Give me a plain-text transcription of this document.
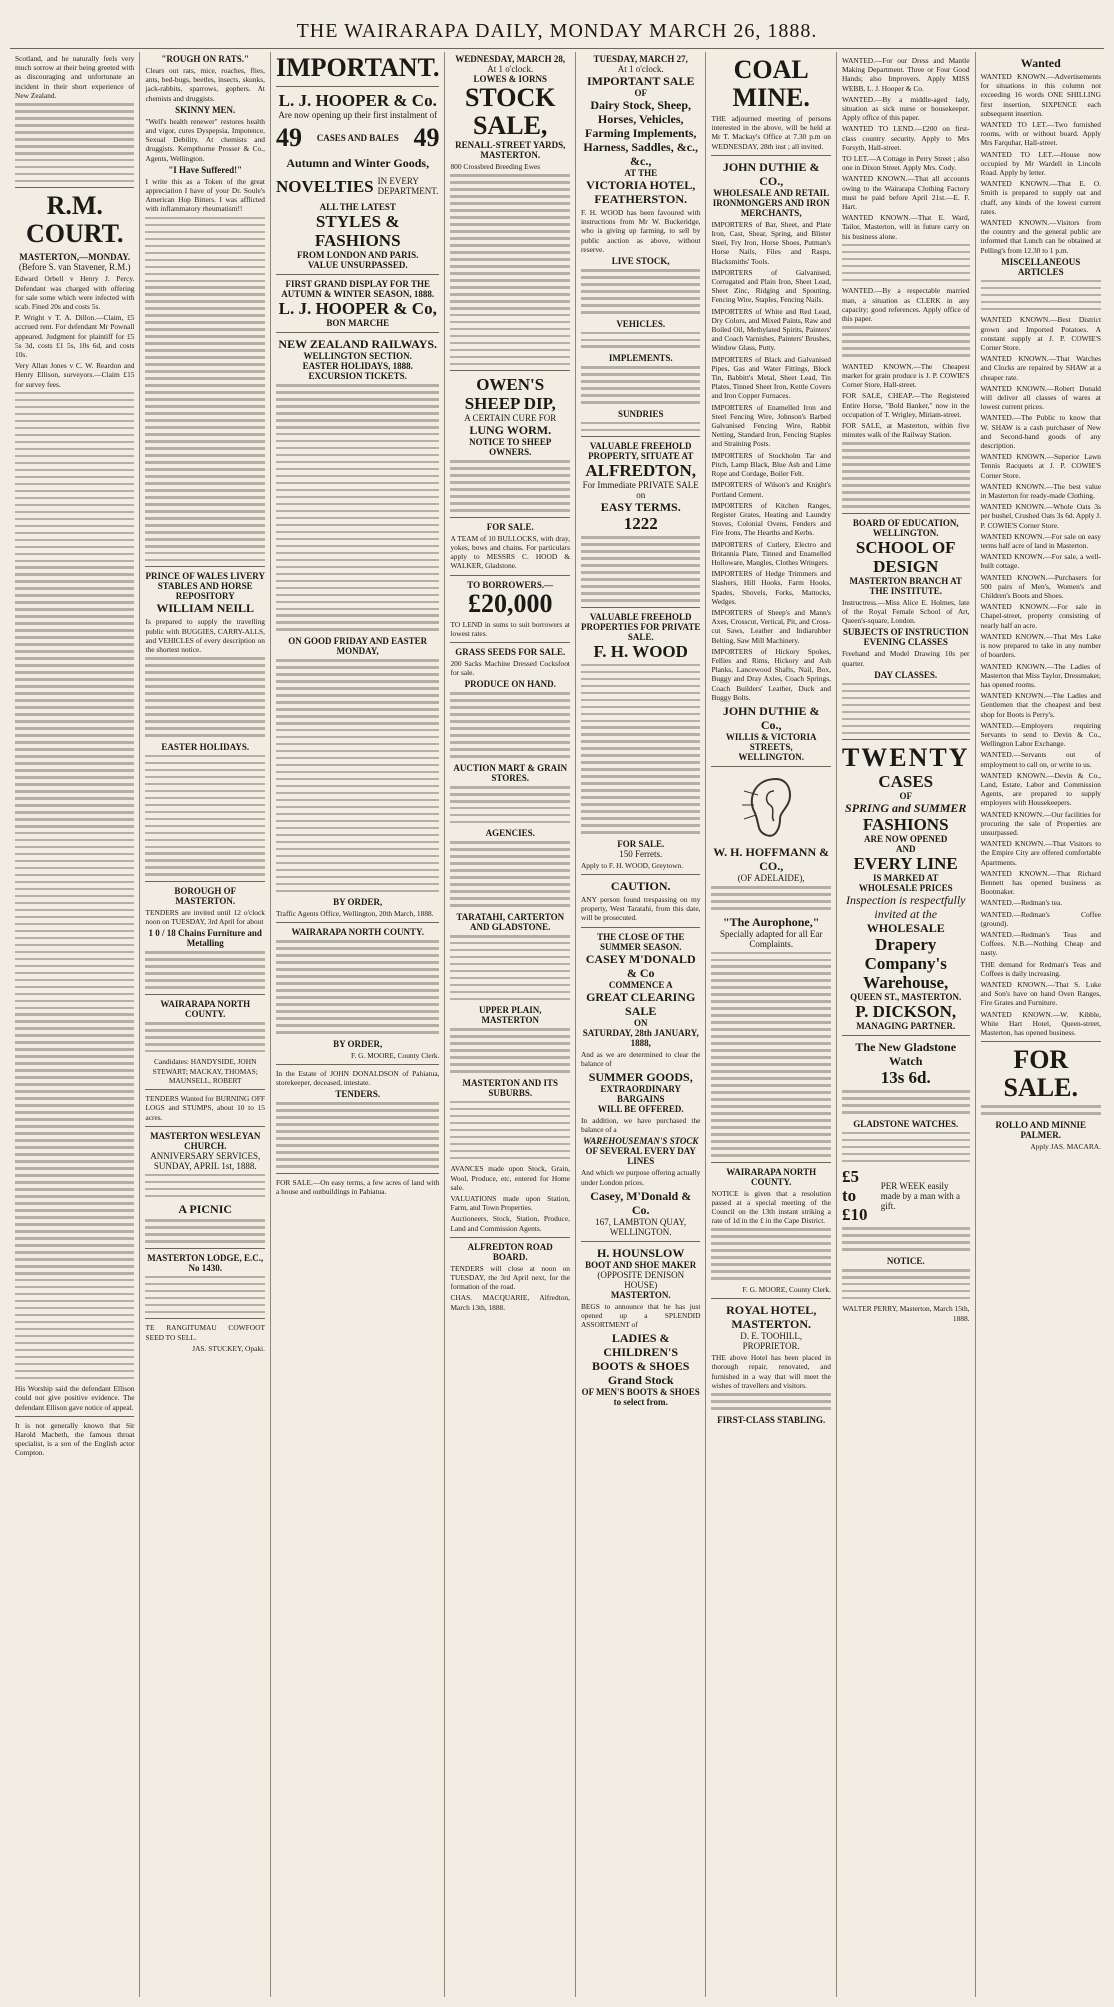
THE WAIRARAPA DAILY, MONDAY MARCH 26, 1888.

Scotland, and he naturally feels very much sorrow at their being greeted with as discouraging and unfortunate an incident in their short experience of New Zealand.

R.M. COURT.
MASTERTON,—MONDAY.
(Before S. van Stavener, R.M.)

Edward Orbell v Henry J. Percy. Defendant was charged with offering for sale some which were infected with scab. Fined 20s and costs 5s.

P. Wright v T. A. Dillon.—Claim, £5 accrued rent. For defendant Mr Pownall appeared. Judgment for plaintiff for £5 5s 3d, costs £1 5s, 10s 6d, and costs 10s.

Very Allan Jones v C. W. Reardon and Henry Ellison, surveyors.—Claim £15 for survey fees.

His Worship said the defendant Ellison could not give positive evidence. The defendant Ellison gave notice of appeal.

It is not generally known that Sir Harold Macbeth, the famous throat specialist, is a son of the English actor Compton.

"ROUGH ON RATS."

Clears out rats, mice, roaches, flies, ants, bed-bugs, beetles, insects, skunks, jack-rabbits, sparrows, gophers. At chemists and druggists.

SKINNY MEN.

"Well's health renewer" restores health and vigor, cures Dyspepsia, Impotence, Sexual Debility. At chemists and druggists. Kempthorne Prosser & Co., Agents, Wellington.

"I Have Suffered!"

I write this as a Token of the great appreciation I have of your Dr. Soule's American Hop Bitters. I was afflicted with inflammatory rheumatism!!

PRINCE OF WALES LIVERY STABLES AND HORSE REPOSITORY
WILLIAM NEILL

Is prepared to supply the travelling public with BUGGIES, CARRY-ALLS, and VEHICLES of every description on the shortest notice.

EASTER HOLIDAYS.
BOROUGH OF MASTERTON.

TENDERS are invited until 12 o'clock noon on TUESDAY, 3rd April for about

1 0 / 18 Chains Furniture and Metalling
WAIRARAPA NORTH COUNTY.

Candidates: HANDYSIDE, JOHN STEWART; MACKAY, THOMAS; MAUNSELL, ROBERT

TENDERS Wanted for BURNING OFF LOGS and STUMPS, about 10 to 15 acres.

MASTERTON WESLEYAN CHURCH.
ANNIVERSARY SERVICES, SUNDAY, APRIL 1st, 1888.
A PICNIC
MASTERTON LODGE, E.C., No 1430.

TE RANGITUMAU COWFOOT SEED TO SELL.

JAS. STUCKEY, Opaki.

IMPORTANT.
L. J. HOOPER & Co.
Are now opening up their first instalment of
49 CASES AND BALES 49
Autumn and Winter Goods,
NOVELTIES IN EVERY DEPARTMENT.
ALL THE LATEST
STYLES & FASHIONS
FROM LONDON AND PARIS.
VALUE UNSURPASSED.
FIRST GRAND DISPLAY FOR THE AUTUMN & WINTER SEASON, 1888.
L. J. HOOPER & Co,
BON MARCHE
NEW ZEALAND RAILWAYS.
WELLINGTON SECTION.
EASTER HOLIDAYS, 1888.
EXCURSION TICKETS.
ON GOOD FRIDAY AND EASTER MONDAY,
BY ORDER,

Traffic Agents Office, Wellington, 20th March, 1888.

WAIRARAPA NORTH COUNTY.
BY ORDER,

F. G. MOORE, County Clerk.

In the Estate of JOHN DONALDSON of Pahiatua, storekeeper, deceased, intestate.

TENDERS.

FOR SALE.—On easy terms, a few acres of land with a house and outbuildings in Pahiatua.

WEDNESDAY, MARCH 28,
At 1 o'clock.
LOWES & IORNS
STOCK SALE,
RENALL-STREET YARDS, MASTERTON.

800 Crossbred Breeding Ewes

OWEN'S SHEEP DIP,
A CERTAIN CURE FOR
LUNG WORM.
NOTICE TO SHEEP OWNERS.
FOR SALE.

A TEAM of 10 BULLOCKS, with dray, yokes, bows and chains. For particulars apply to MESSRS C. HOOD & WALKER, Gladstone.

TO BORROWERS.—
£20,000

TO LEND in sums to suit borrowers at lowest rates.

GRASS SEEDS FOR SALE.

200 Sacks Machine Dressed Cocksfoot for sale.

PRODUCE ON HAND.
AUCTION MART & GRAIN STORES.
AGENCIES.
TARATAHI, CARTERTON AND GLADSTONE.
UPPER PLAIN, MASTERTON
MASTERTON AND ITS SUBURBS.

AVANCES made upon Stock, Grain, Wool, Produce, etc, entered for Home sale.

VALUATIONS made upon Station, Farm, and Town Properties.

Auctioneers, Stock, Station, Produce, Land and Commission Agents.

ALFREDTON ROAD BOARD.

TENDERS will close at noon on TUESDAY, the 3rd April next, for the formation of the road.

CHAS. MACQUARIE, Alfredton, March 13th, 1888.

TUESDAY, MARCH 27,
At 1 o'clock.
IMPORTANT SALE
OF
Dairy Stock, Sheep, Horses, Vehicles, Farming Implements, Harness, Saddles, &c., &c.,
AT THE
VICTORIA HOTEL, FEATHERSTON.

F. H. WOOD has been favoured with instructions from Mr W. Buckeridge, who is giving up farming, to sell by public auction as above, without reserve.

LIVE STOCK,
VEHICLES.
IMPLEMENTS.
SUNDRIES
VALUABLE FREEHOLD PROPERTY, SITUATE AT
ALFREDTON,
For Immediate PRIVATE SALE on
EASY TERMS.
1222
VALUABLE FREEHOLD PROPERTIES FOR PRIVATE SALE.
F. H. WOOD
FOR SALE.
150 Ferrets.

Apply to F. H. WOOD, Greytown.

CAUTION.

ANY person found trespassing on my property, West Taratahi, from this date, will be prosecuted.

THE CLOSE OF THE SUMMER SEASON.
CASEY M'DONALD & Co
COMMENCE A
GREAT CLEARING SALE
ON
SATURDAY, 28th JANUARY, 1888,

And as we are determined to clear the balance of

SUMMER GOODS,
EXTRAORDINARY BARGAINS
WILL BE OFFERED.

In addition, we have purchased the balance of a

WAREHOUSEMAN'S STOCK
OF SEVERAL EVERY DAY LINES

And which we purpose offering actually under London prices.

Casey, M'Donald & Co.
167, LAMBTON QUAY, WELLINGTON.
H. HOUNSLOW
BOOT AND SHOE MAKER
(OPPOSITE DENISON HOUSE)
MASTERTON.

BEGS to announce that he has just opened up a SPLENDID ASSORTMENT of

LADIES & CHILDREN'S
BOOTS & SHOES
Grand Stock
OF MEN'S BOOTS & SHOES to select from.
COAL MINE.

THE adjourned meeting of persons interested in the above, will be held at Mr T. Mackay's Office at 7.30 p.m on WEDNESDAY, 28th inst ; all invited.

JOHN DUTHIE & CO.,
WHOLESALE AND RETAIL IRONMONGERS AND IRON MERCHANTS,

IMPORTERS of Bar, Sheet, and Plate Iron, Cast, Shear, Spring, and Blister Steel, Fry Iron, Horse Shoes, Putman's Horse Nails, Files and Rasps, Blacksmiths' Tools.

IMPORTERS of Galvanised, Corrugated and Plain Iron, Sheet Lead, Sheet Zinc, Ridging and Spouting, Fencing Wire, Staples, Fencing Nails.

IMPORTERS of White and Red Lead, Dry Colors, and Mixed Paints, Raw and Boiled Oil, Methylated Spirits, Painters' and Coach Varnishes, Painters' Brushes, Window Glass, Putty.

IMPORTERS of Black and Galvanised Pipes, Gas and Water Fittings, Block Tin, Babbitt's Metal, Sheet Lead, Tin Plates, Tinned Sheet Iron, Kettle Covers and Iron Copper Furnaces.

IMPORTERS of Enamelled Iron and Steel Fencing Wire, Johnson's Barbed Galvanised Fencing Wire, Rabbit Netting, Standard Iron, Fencing Staples and Straining Posts.

IMPORTERS of Stockholm Tar and Pitch, Lamp Black, Blue Ash and Lime Rope and Cordage, Boiler Felt.

IMPORTERS of Wilson's and Knight's Portland Cement.

IMPORTERS of Kitchen Ranges, Register Grates, Heating and Laundry Stoves, Colonial Ovens, Fenders and Fire Irons, The Hearths and Kerbs.

IMPORTERS of Cutlery, Electro and Britannia Plate, Tinned and Enamelled Holloware, Mangles, Clothes Wringers.

IMPORTERS of Hedge Trimmers and Slashers, Hill Hooks, Farm Hooks, Spades, Shovels, Forks, Mattocks, Wedges.

IMPORTERS of Sheep's and Mann's Axes, Crosscut, Vertical, Pit, and Cross-cut Saws, Leather and Indiarubber Belting, Saw Mill Machinery.

IMPORTERS of Hickory Spokes, Fellies and Rims, Hickory and Ash Planks, Lancewood Shafts, Nail, Box, Buggy and Dray Axles, Coach Springs, Coach Builders' Leather, Duck and Buggy Bolts.

JOHN DUTHIE & Co.,
WILLIS & VICTORIA STREETS,
WELLINGTON.
W. H. HOFFMANN & CO.,
(OF ADELAIDE),
"The Aurophone,"
Specially adapted for all Ear Complaints.
WAIRARAPA NORTH COUNTY.

NOTICE is given that a resolution passed at a special meeting of the Council on the 13th instant striking a rate of 1d in the £ in the Cape District.

F. G. MOORE, County Clerk.

ROYAL HOTEL, MASTERTON.
D. E. TOOHILL, PROPRIETOR.

THE above Hotel has been placed in thorough repair, renovated, and furnished in a way that will meet the wishes of travellers and visitors.

FIRST-CLASS STABLING.

WANTED.—For our Dress and Mantle Making Department. Three or Four Good Hands; also Improvers. Apply MISS WEBB, L. J. Hooper & Co.

WANTED.—By a middle-aged lady, situation as sick nurse or housekeeper. Apply office of this paper.

WANTED TO LEND.—£200 on first-class country security. Apply to Mrs Forsyth, Hall-street.

TO LET.—A Cottage in Perry Street ; also one in Dixon Street. Apply Mrs. Cody.

WANTED KNOWN.—That all accounts owing to the Wairarapa Clothing Factory must be paid before April 21st.—E. F. Hart.

WANTED KNOWN.—That E. Ward, Tailor, Masterton, will in future carry on his business alone.

WANTED.—By a respectable married man, a situation as CLERK in any capacity; good references. Apply office of this paper.

WANTED KNOWN.—The Cheapest market for grain produce is J. P. COWIE'S Corner Store, Hall-street.

FOR SALE, CHEAP.—The Registered Entire Horse, "Bold Banker," now in the occupation of T. Wrigley, Miriam-street.

FOR SALE, at Masterton, within five minutes walk of the Railway Station.

BOARD OF EDUCATION, WELLINGTON.
SCHOOL OF DESIGN
MASTERTON BRANCH AT THE INSTITUTE.

Instructress.—Miss Alice E. Holmes, late of the Royal Female School of Art, Queen's-square, London.

SUBJECTS OF INSTRUCTION
EVENING CLASSES

Freehand and Model Drawing 10s per quarter.

DAY CLASSES.
TWENTY
CASES
OF
SPRING and SUMMER
FASHIONS
ARE NOW OPENED
AND
EVERY LINE
IS MARKED AT
WHOLESALE PRICES
Inspection is respectfully invited at the
WHOLESALE
Drapery Company's Warehouse,
QUEEN ST., MASTERTON.
P. DICKSON,
MANAGING PARTNER.
The New Gladstone Watch
13s 6d.
GLADSTONE WATCHES.
£5 to £10
PER WEEK easily made by a man with a gift.
NOTICE.

WALTER PERRY, Masterton, March 15th, 1888.

Wanted

WANTED KNOWN.—Advertisements for situations in this column not exceeding 16 words ONE SHILLING first insertion, SIXPENCE each subsequent insertion.

WANTED TO LET.—Two furnished rooms, with or without board. Apply Mrs Farquhar, Hall-street.

WANTED TO LET.—House now occupied by Mr Wardell in Lincoln Road. Apply by letter.

WANTED KNOWN.—That E. O. Smith is prepared to supply oat and chaff, any kinds of the lowest current rates.

WANTED KNOWN.—Visitors from the country and the general public are informed that Lunch can be obtained at Pelling's from 12.30 to 1 p.m.

MISCELLANEOUS ARTICLES

WANTED KNOWN.—Best District grown and Imported Potatoes. A constant supply at J. P. COWIE'S Corner Store.

WANTED KNOWN.—That Watches and Clocks are repaired by SHAW at a cheaper rate.

WANTED KNOWN.—Robert Donald will deliver all classes of wares at lowest current prices.

WANTED.—The Public to know that W. SHAW is a cash purchaser of New and Second-hand goods of any description.

WANTED KNOWN.—Superior Lawn Tennis Racquets at J. P. COWIE'S Corner Store.

WANTED KNOWN.—The best value in Masterton for ready-made Clothing.

WANTED KNOWN.—Whole Oats 3s per bushel, Crushed Oats 3s 6d. Apply J. P. COWIE'S Corner Store.

WANTED KNOWN.—For sale on easy terms half acre of land in Masterton.

WANTED KNOWN.—For sale, a well-built cottage.

WANTED KNOWN.—Purchasers for 500 pairs of Men's, Women's and Children's Boots and Shoes.

WANTED KNOWN.—For sale in Chapel-street, property consisting of nearly half an acre.

WANTED KNOWN.—That Mrs Lake is now prepared to take in any number of boarders.

WANTED KNOWN.—The Ladies of Masterton that Miss Taylor, Dressmaker, has opened rooms.

WANTED KNOWN.—The Ladies and Gentlemen that the cheapest and best shop for Boots is Perry's.

WANTED.—Employers requiring Servants to send to Devin & Co., Wellington Labor Exchange.

WANTED.—Servants out of employment to call on, or write to us.

WANTED KNOWN.—Devin & Co., Land, Estate, Labor and Commission Agents, are prepared to supply employers with Housekeepers.

WANTED KNOWN.—Our facilities for procuring the sale of Properties are unsurpassed.

WANTED KNOWN.—That Visitors to the Empire City are offered comfortable Apartments.

WANTED KNOWN.—That Richard Bennett has opened business as Bootmaker.

WANTED.—Redman's tea.

WANTED.—Redman's Coffee (ground).

WANTED.—Redman's Teas and Coffees. N.B.—Nothing Cheap and nasty.

THE demand for Redman's Teas and Coffees is daily increasing.

WANTED KNOWN.—That S. Luke and Son's have on hand Oven Ranges, Fire Grates and Furniture.

WANTED KNOWN.—W. Kibble, White Hart Hotel, Queen-street, Masterton, has opened business.

FOR SALE.
ROLLO AND MINNIE PALMER.

Apply JAS. MACARA.
